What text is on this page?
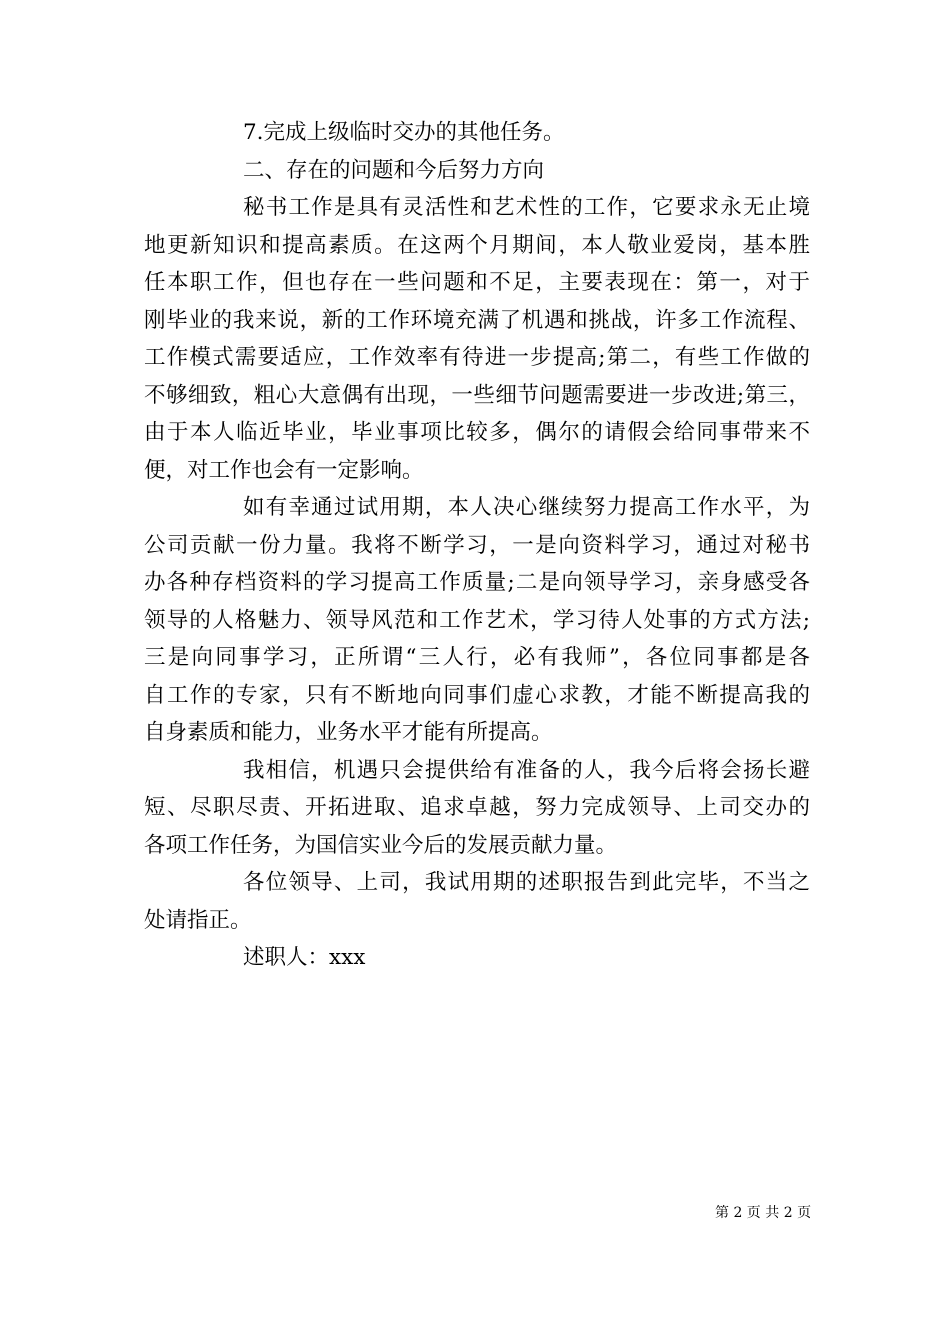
7.完成上级临时交办的其他任务。
二、存在的问题和今后努力方向
秘书工作是具有灵活性和艺术性的工作，它要求永无止境
地更新知识和提高素质。在这两个月期间，本人敬业爱岗，基本胜
任本职工作，但也存在一些问题和不足，主要表现在：第一，对于
刚毕业的我来说，新的工作环境充满了机遇和挑战，许多工作流程、
工作模式需要适应，工作效率有待进一步提高;第二，有些工作做的
不够细致，粗心大意偶有出现，一些细节问题需要进一步改进;第三，
由于本人临近毕业，毕业事项比较多，偶尔的请假会给同事带来不
便，对工作也会有一定影响。
如有幸通过试用期，本人决心继续努力提高工作水平，为
公司贡献一份力量。我将不断学习，一是向资料学习，通过对秘书
办各种存档资料的学习提高工作质量;二是向领导学习，亲身感受各
领导的人格魅力、领导风范和工作艺术，学习待人处事的方式方法;
三是向同事学习，正所谓“三人行，必有我师”，各位同事都是各
自工作的专家，只有不断地向同事们虚心求教，才能不断提高我的
自身素质和能力，业务水平才能有所提高。
我相信，机遇只会提供给有准备的人，我今后将会扬长避
短、尽职尽责、开拓进取、追求卓越，努力完成领导、上司交办的
各项工作任务，为国信实业今后的发展贡献力量。
各位领导、上司，我试用期的述职报告到此完毕，不当之
处请指正。
述职人：xxx
第 2 页 共 2 页
